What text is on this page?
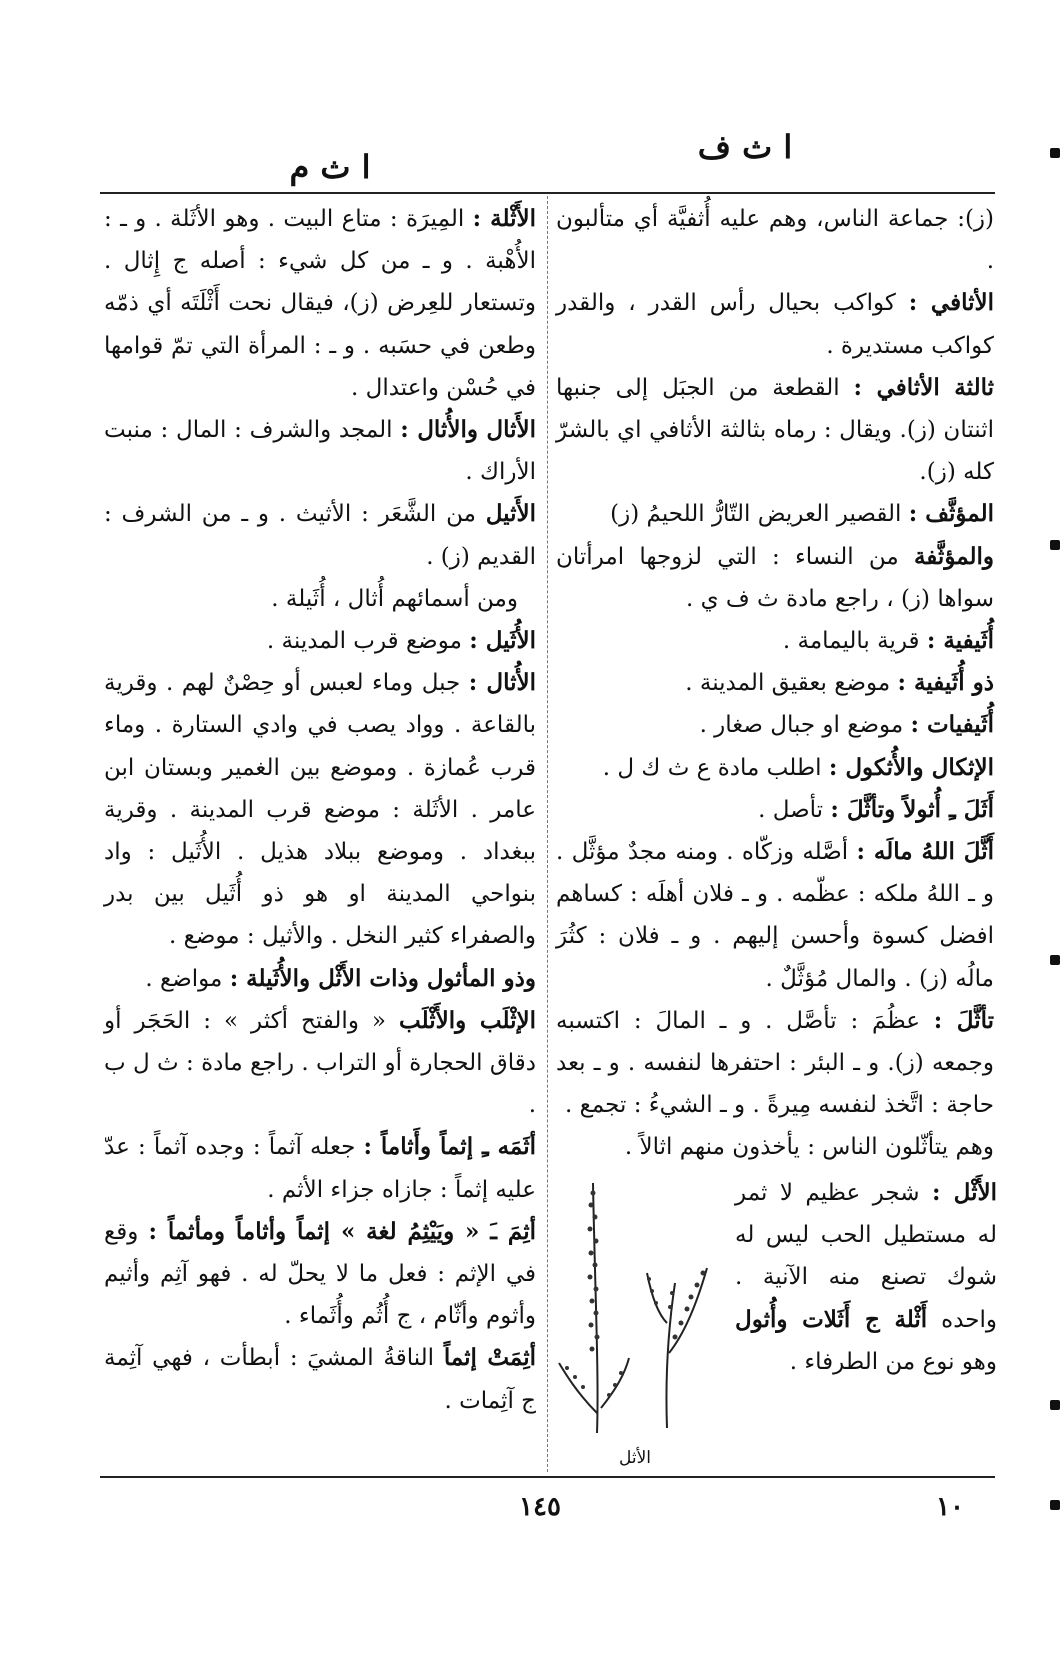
ا ث ف
ا ث م

(ز): جماعة الناس، وهم عليه أُثفيَّة أي متألبون .

الأثافي : كواكب بحيال رأس القدر ، والقدر كواكب مستديرة .

ثالثة الأثافي : القطعة من الجبَل إلى جنبها اثنتان (ز). ويقال : رماه بثالثة الأثافي اي بالشرّ كله (ز).

المؤثَّف : القصير العريض التّارُّ اللحيمُ (ز)

والمؤثَّفة من النساء : التي لزوجها امرأتان سواها (ز) ، راجع مادة ث ف ي .

أُثَيفية : قرية باليمامة .

ذو أُثَيفية : موضع بعقيق المدينة .

أُثَيفيات : موضع او جبال صغار .

الإثكال والأُثكول : اطلب مادة ع ث ك ل .

أَثَلَ ـِ أُثولاً وتأثَّلَ : تأصل .

أَثَّلَ اللهُ مالَه : أصَّله وزكّاه . ومنه مجدٌ مؤثَّل . و ـ اللهُ ملكه : عظّمه . و ـ فلان أهلَه : كساهم افضل كسوة وأحسن إليهم . و ـ فلان : كثُرَ مالُه (ز) . والمال مُؤثَّلٌ .

تأثَّلَ : عظُمَ : تأصَّل . و ـ المالَ : اكتسبه وجمعه (ز). و ـ البئر : احتفرها لنفسه . و ـ بعد حاجة : اتَّخذ لنفسه مِيرةً . و ـ الشيءُ : تجمع .

وهم يتأثّلون الناس : يأخذون منهم اثالاً .

الأَثْل : شجر عظيم لا ثمر له مستطيل الحب ليس له شوك تصنع منه الآنية . واحده أَثْلة ج أَثَلات وأُثول وهو نوع من الطرفاء .
الأثل

الأَثْلة : المِيرَة : متاع البيت . وهو الأثَلة . و ـ : الأُهْبة . و ـ من كل شيء : أصله ج إِثال . وتستعار للعِرض (ز)، فيقال نحت أَثْلَتَه أي ذمّه وطعن في حسَبه . و ـ : المرأة التي تمّ قوامها في حُسْن واعتدال .

الأَثال والأُثال : المجد والشرف : المال : منبت الأراك .

الأَثيل من الشَّعَر : الأثيث . و ـ من الشرف : القديم (ز) .

ومن أسمائهم أُثال ، أُثَيلة .

الأُثَيل : موضع قرب المدينة .

الأُثال : جبل وماء لعبس أو حِصْنٌ لهم . وقرية بالقاعة . وواد يصب في وادي الستارة . وماء قرب عُمازة . وموضع بين الغمير وبستان ابن عامر . الأثَلة : موضع قرب المدينة . وقرية ببغداد . وموضع ببلاد هذيل . الأُثَيل : واد بنواحي المدينة او هو ذو أُثَيل بين بدر والصفراء كثير النخل . والأثيل : موضع .

وذو المأثول وذات الأَثْل والأُثَيلة : مواضع .

الإثْلَب والأَثْلَب « والفتح أكثر » : الحَجَر أو دقاق الحجارة أو التراب . راجع مادة : ث ل ب .

أثَمَه ـِ إثماً وأَثاماً : جعله آثماً : وجده آثماً : عدّ عليه إثماً : جازاه جزاء الأثم .

أثِمَ ـَ « ويَيْثِمُ لغة » إثماً وأثاماً ومأثماً : وقع في الإثم : فعل ما لا يحلّ له . فهو آثِم وأثيم وأثوم وأثّام ، ج أُثُم وأُثَماء .

أثِمَتْ إثماً الناقةُ المشيَ : أبطأت ، فهي آثِمة ج آثِمات .

١٤٥	١٠
